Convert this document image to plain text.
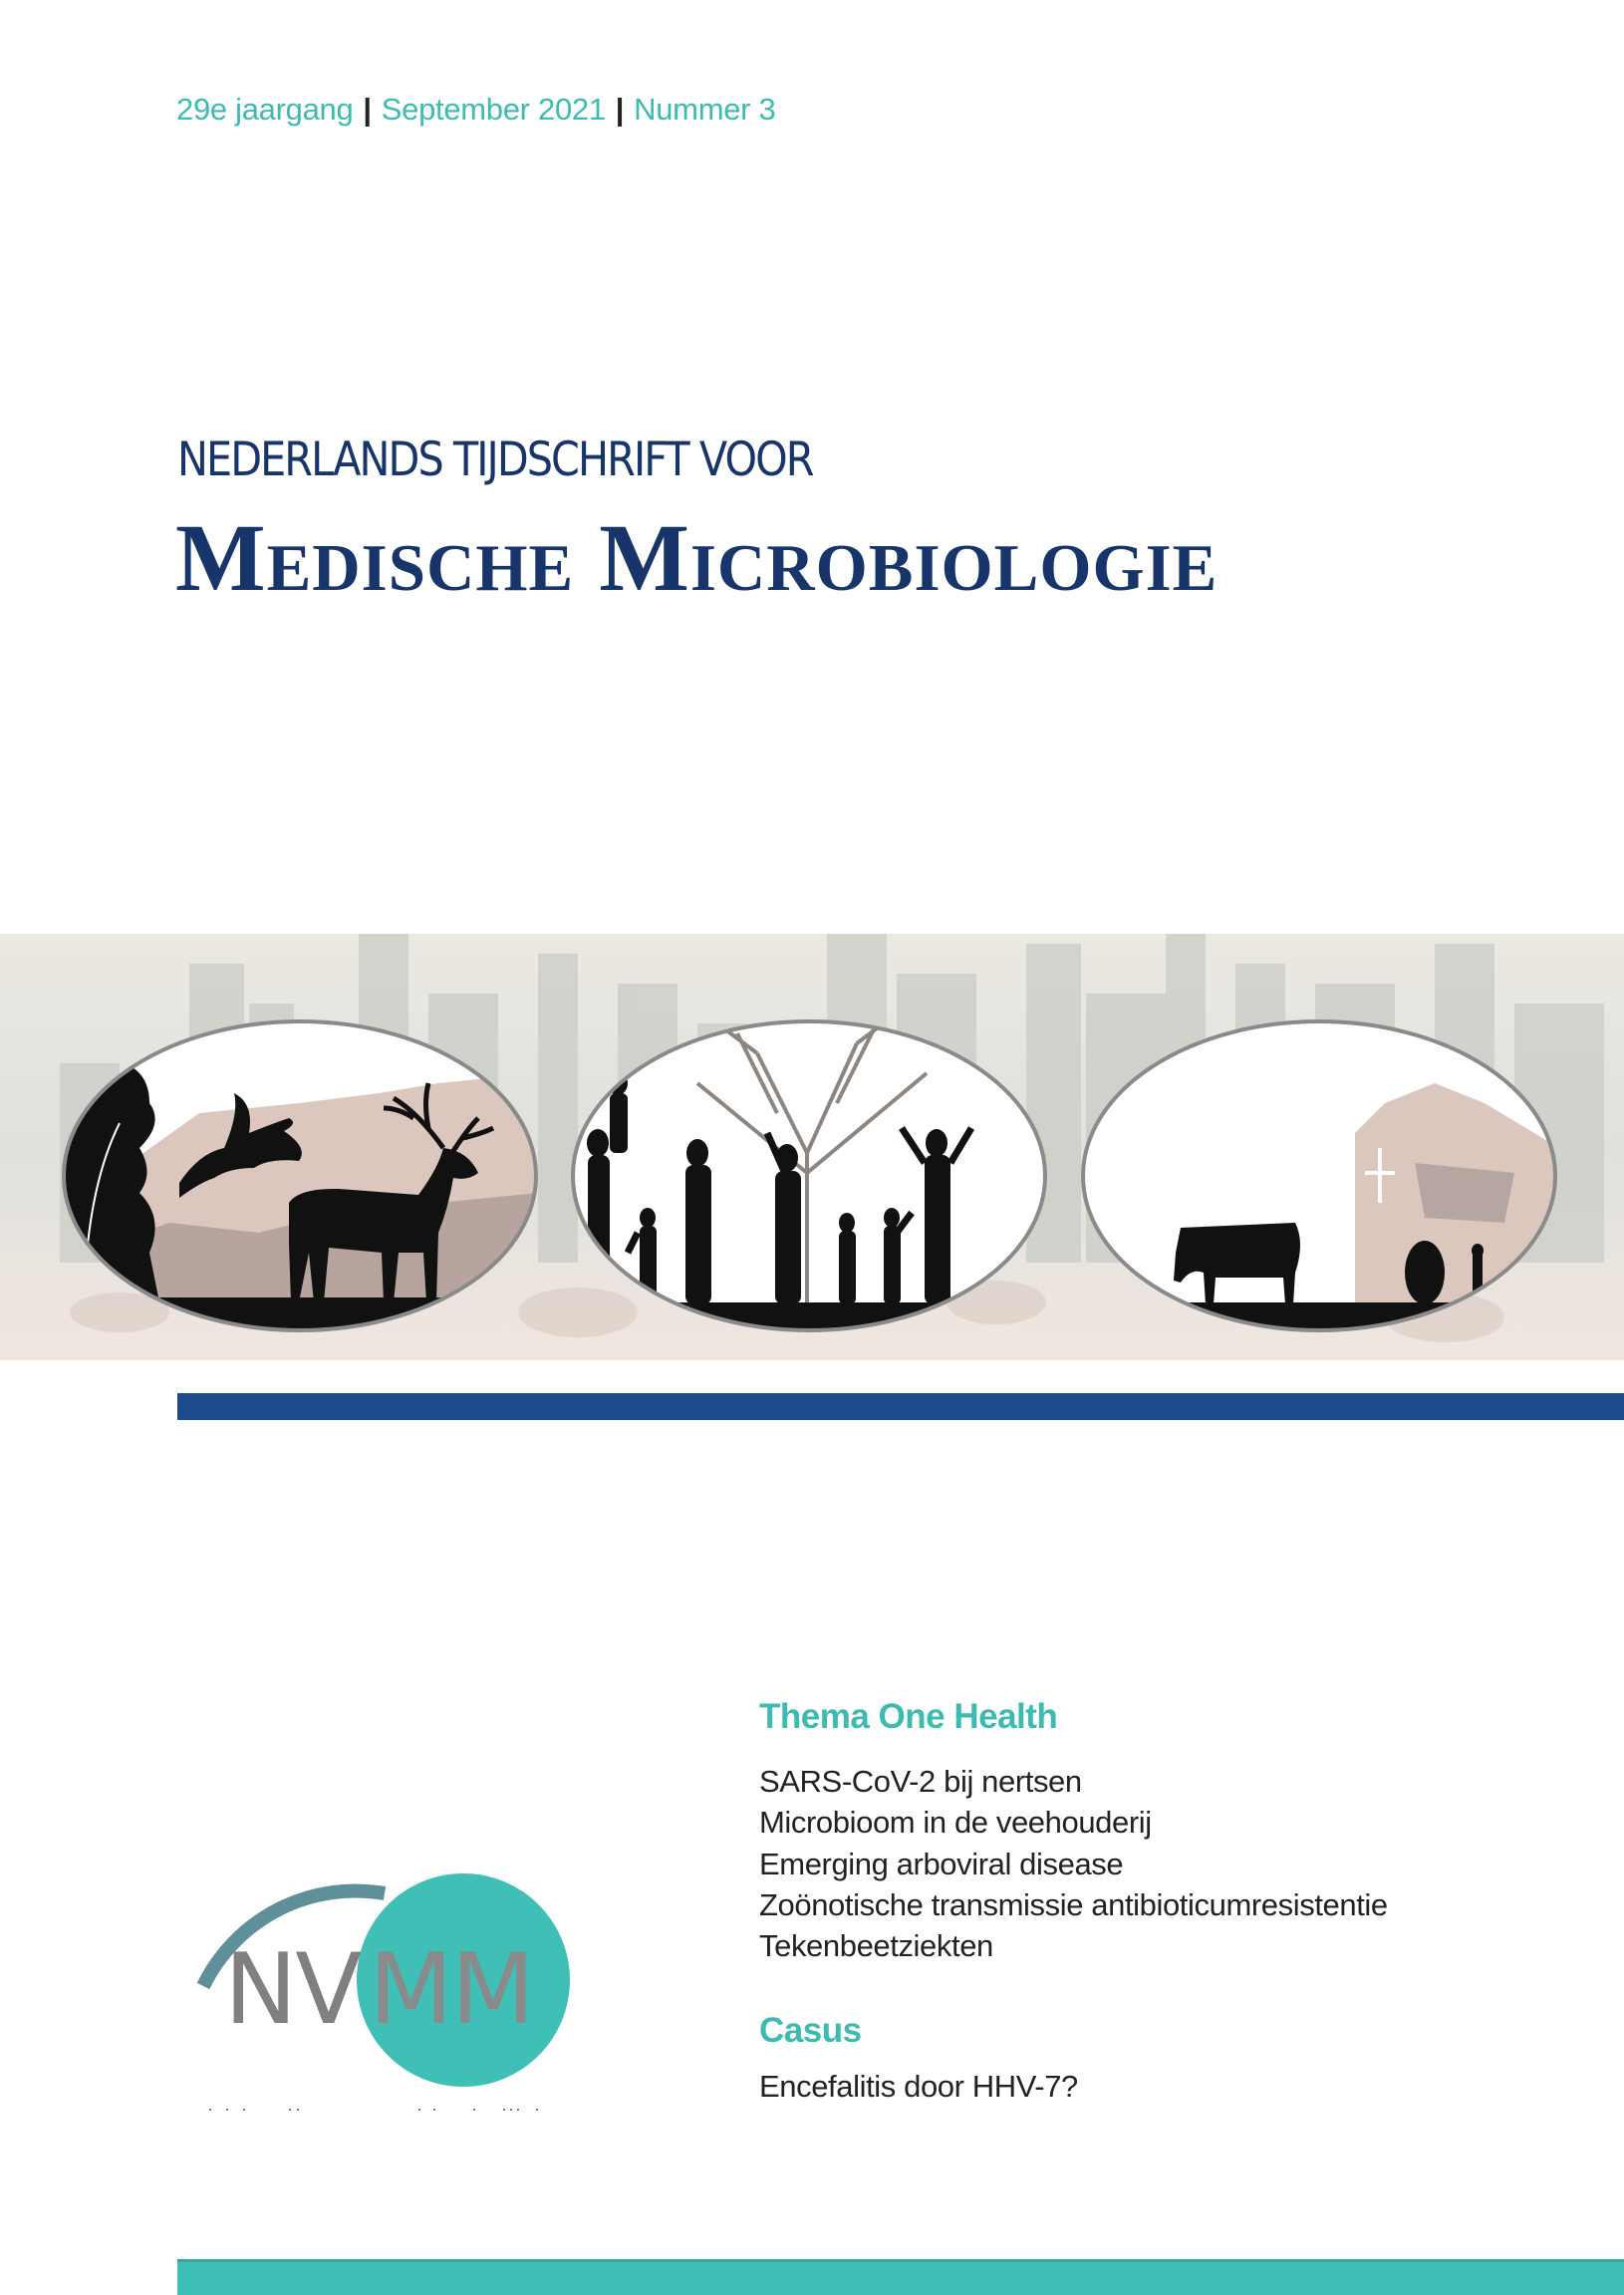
29e jaargang | September 2021 | Nummer 3
NEDERLANDS TIJDSCHRIFT VOOR
Medische Microbiologie
Thema One Health
SARS-CoV-2 bij nertsen
Microbioom in de veehouderij
Emerging arboviral disease
Zoönotische transmissie antibioticumresistentie
Tekenbeetziekten
Casus
Encefalitis door HHV-7?
NV MM
